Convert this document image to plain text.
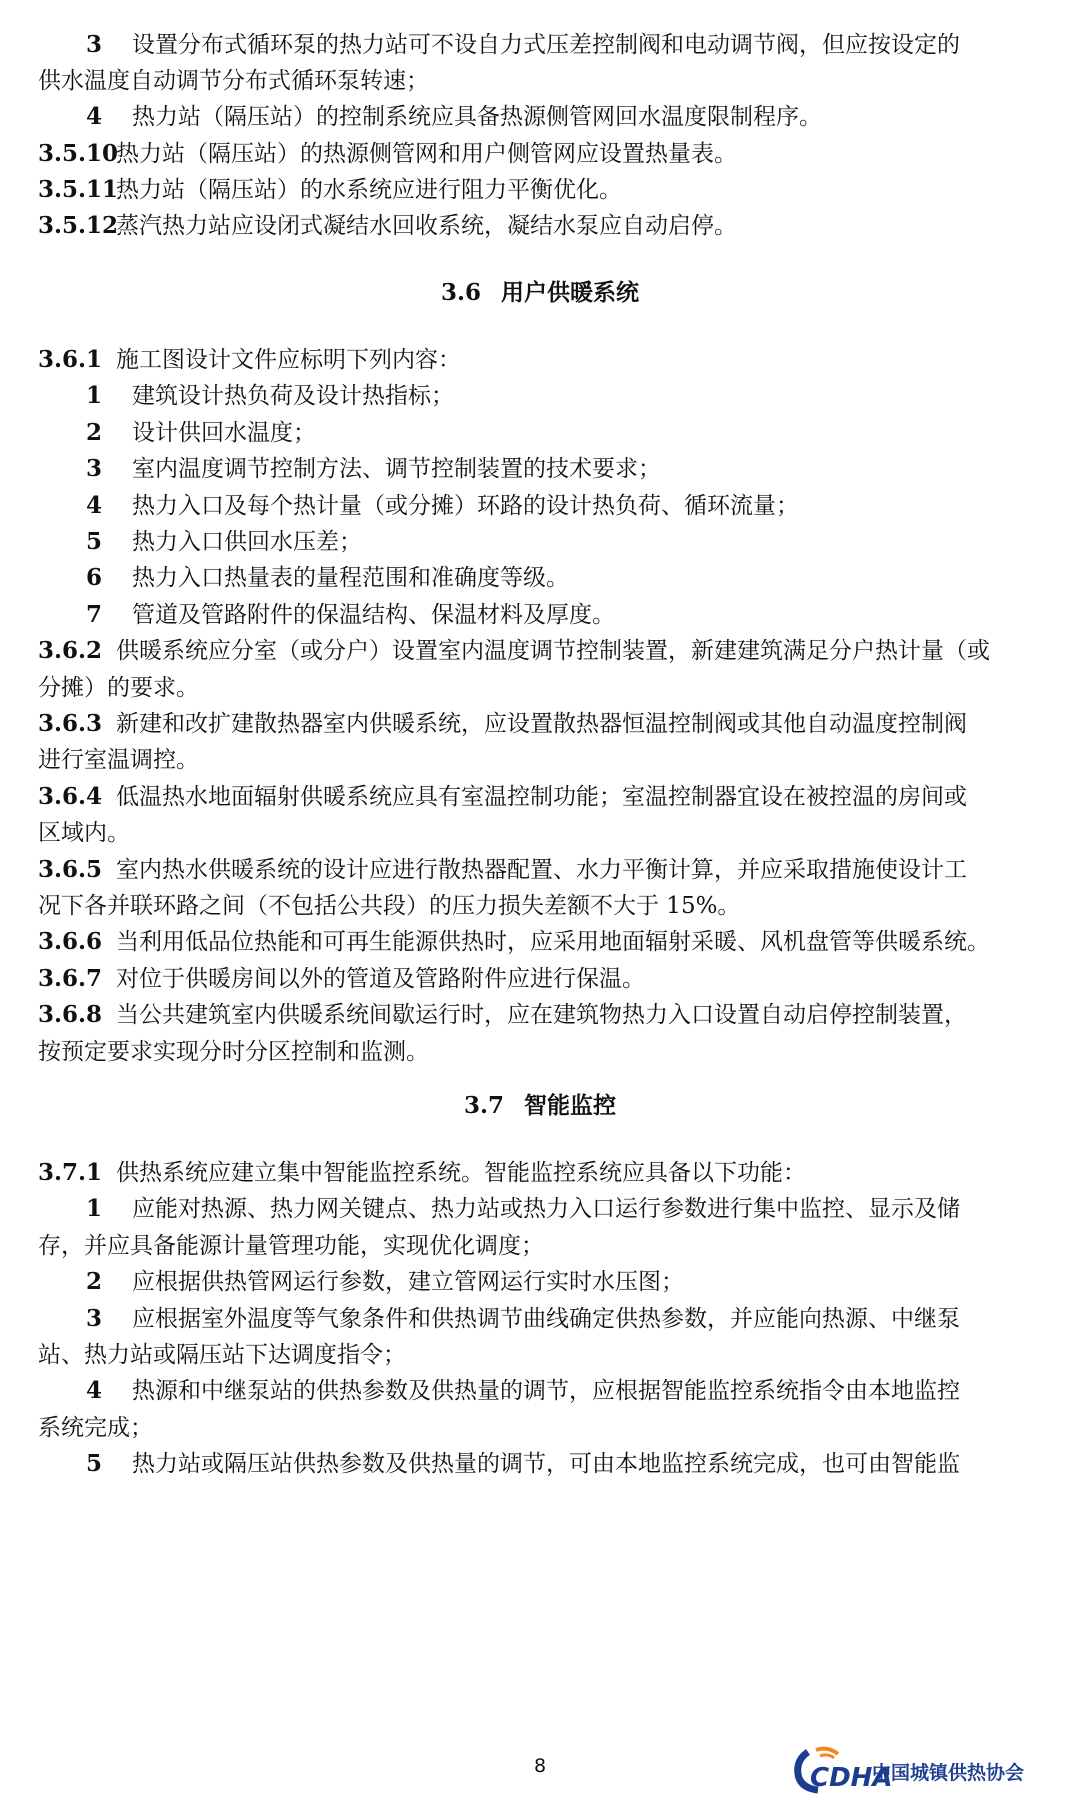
3 设置分布式循环泵的热力站可不设自力式压差控制阀和电动调节阀，但应按设定的
供水温度自动调节分布式循环泵转速；
4 热力站（隔压站）的控制系统应具备热源侧管网回水温度限制程序。
3.5.10热力站（隔压站）的热源侧管网和用户侧管网应设置热量表。
3.5.11热力站（隔压站）的水系统应进行阻力平衡优化。
3.5.12蒸汽热力站应设闭式凝结水回收系统，凝结水泵应自动启停。
3.6 用户供暖系统
3.6.1 施工图设计文件应标明下列内容：
1 建筑设计热负荷及设计热指标；
2 设计供回水温度；
3 室内温度调节控制方法、调节控制装置的技术要求；
4 热力入口及每个热计量（或分摊）环路的设计热负荷、循环流量；
5 热力入口供回水压差；
6 热力入口热量表的量程范围和准确度等级。
7 管道及管路附件的保温结构、保温材料及厚度。
3.6.2 供暖系统应分室（或分户）设置室内温度调节控制装置，新建建筑满足分户热计量（或
分摊）的要求。
3.6.3 新建和改扩建散热器室内供暖系统，应设置散热器恒温控制阀或其他自动温度控制阀
进行室温调控。
3.6.4 低温热水地面辐射供暖系统应具有室温控制功能；室温控制器宜设在被控温的房间或
区域内。
3.6.5 室内热水供暖系统的设计应进行散热器配置、水力平衡计算，并应采取措施使设计工
况下各并联环路之间（不包括公共段）的压力损失差额不大于 15%。
3.6.6 当利用低品位热能和可再生能源供热时，应采用地面辐射采暖、风机盘管等供暖系统。
3.6.7 对位于供暖房间以外的管道及管路附件应进行保温。
3.6.8 当公共建筑室内供暖系统间歇运行时，应在建筑物热力入口设置自动启停控制装置，
按预定要求实现分时分区控制和监测。
3.7 智能监控
3.7.1 供热系统应建立集中智能监控系统。智能监控系统应具备以下功能：
1 应能对热源、热力网关键点、热力站或热力入口运行参数进行集中监控、显示及储
存，并应具备能源计量管理功能，实现优化调度；
2 应根据供热管网运行参数，建立管网运行实时水压图；
3 应根据室外温度等气象条件和供热调节曲线确定供热参数，并应能向热源、中继泵
站、热力站或隔压站下达调度指令；
4 热源和中继泵站的供热参数及供热量的调节，应根据智能监控系统指令由本地监控
系统完成；
5 热力站或隔压站供热参数及供热量的调节，可由本地监控系统完成，也可由智能监
8	CDHA
中国城镇供热协会
